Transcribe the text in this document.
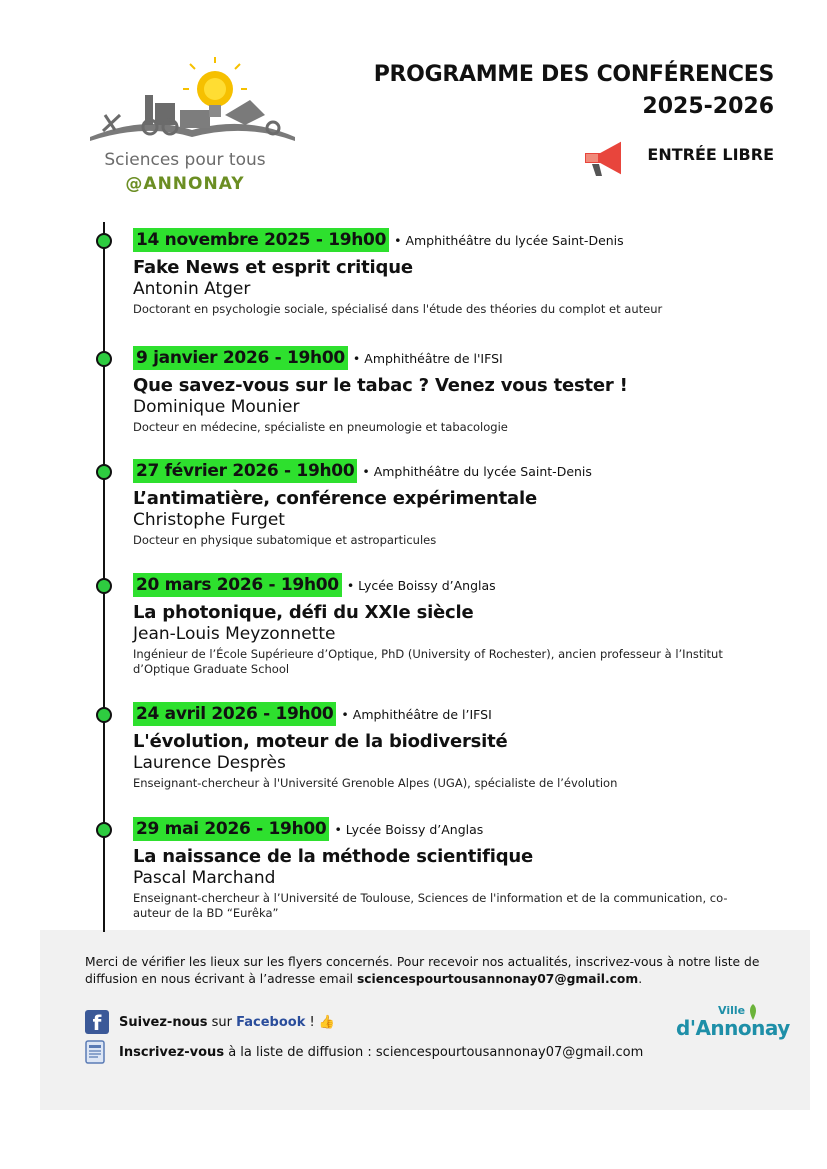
Sciences pour tous
@ANNONAY
PROGRAMME DES CONFÉRENCES
2025-2026
ENTRÉE LIBRE
14 novembre 2025 - 19h00 • Amphithéâtre du lycée Saint-Denis
Fake News et esprit critique
Antonin Atger
Doctorant en psychologie sociale, spécialisé dans l'étude des théories du complot et auteur
9 janvier 2026 - 19h00 • Amphithéâtre de l'IFSI
Que savez-vous sur le tabac ? Venez vous tester !
Dominique Mounier
Docteur en médecine, spécialiste en pneumologie et tabacologie
27 février 2026 - 19h00 • Amphithéâtre du lycée Saint-Denis
L’antimatière, conférence expérimentale
Christophe Furget
Docteur en physique subatomique et astroparticules
20 mars 2026 - 19h00 • Lycée Boissy d’Anglas
La photonique, défi du XXIe siècle
Jean-Louis Meyzonnette
Ingénieur de l’École Supérieure d’Optique, PhD (University of Rochester), ancien professeur à l’Institut d’Optique Graduate School
24 avril 2026 - 19h00 • Amphithéâtre de l’IFSI
L'évolution, moteur de la biodiversité
Laurence Desprès
Enseignant-chercheur à l'Université Grenoble Alpes (UGA), spécialiste de l’évolution
29 mai 2026 - 19h00 • Lycée Boissy d’Anglas
La naissance de la méthode scientifique
Pascal Marchand
Enseignant-chercheur à l’Université de Toulouse, Sciences de l'information et de la communication, co-auteur de la BD “Eurêka”
Merci de vérifier les lieux sur les flyers concernés. Pour recevoir nos actualités, inscrivez-vous à notre liste de diffusion en nous écrivant à l’adresse email sciencespourtousannonay07@gmail.com.
f	Suivez-nous sur Facebook ! 👍
Inscrivez-vous à la liste de diffusion : sciencespourtousannonay07@gmail.com
Ville
d'Annonay
